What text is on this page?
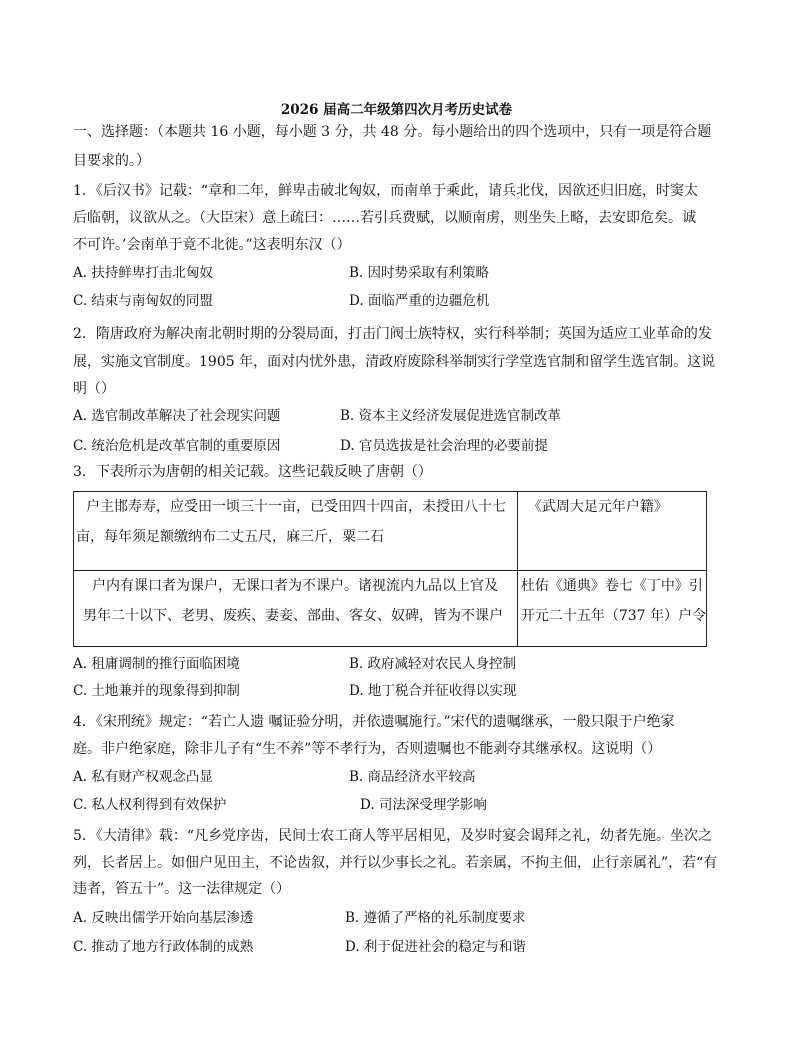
2026 届高二年级第四次月考历史试卷
一、选择题：（本题共 16 小题，每小题 3 分，共 48 分。每小题给出的四个选项中，只有一项是符合题
目要求的。）
1．《后汉书》记载：“章和二年，鲜卑击破北匈奴，而南单于乘此，请兵北伐，因欲还归旧庭，时窦太
后临朝，议欲从之。（大臣宋）意上疏曰：……若引兵费赋，以顺南虏，则坐失上略，去安即危矣。诚
不可许。’会南单于竟不北徙。”这表明东汉（）
A. 扶持鲜卑打击北匈奴	B. 因时势采取有利策略
C. 结束与南匈奴的同盟	D. 面临严重的边疆危机
2．隋唐政府为解决南北朝时期的分裂局面，打击门阀士族特权，实行科举制；英国为适应工业革命的发
展，实施文官制度。1905 年，面对内忧外患，清政府废除科举制实行学堂选官制和留学生选官制。这说
明（）
A. 选官制改革解决了社会现实问题	B. 资本主义经济发展促进选官制改革
C. 统治危机是改革官制的重要原因	D. 官员选拔是社会治理的必要前提
3．下表所示为唐朝的相关记载。这些记载反映了唐朝（）
户主邯寿寿，应受田一顷三十一亩，已受田四十四亩，未授田八十七
亩，每年须足额缴纳布二丈五尺，麻三斤，粟二石	《武周大足元年户籍》

户内有课口者为课户，无课口者为不课户。诸视流内九品以上官及
男年二十以下、老男、废疾、妻妾、部曲、客女、奴碑，皆为不课户	杜佑《通典》卷七《丁中》引
开元二十五年（737 年）户令
A. 租庸调制的推行面临困境	B. 政府减轻对农民人身控制
C. 土地兼并的现象得到抑制	D. 地丁税合并征收得以实现
4．《宋刑统》规定：“若亡人遗 嘱证验分明，并依遗嘱施行。”宋代的遗嘱继承，一般只限于户绝家
庭。非户绝家庭，除非儿子有“生不养”等不孝行为，否则遗嘱也不能剥夺其继承权。这说明（）
A. 私有财产权观念凸显	B. 商品经济水平较高
C. 私人权利得到有效保护	D. 司法深受理学影响
5．《大清律》载：“凡乡党序齿，民间士农工商人等平居相见，及岁时宴会谒拜之礼，幼者先施。坐次之
列，长者居上。如佃户见田主，不论齿叙，并行以少事长之礼。若亲属，不拘主佃，止行亲属礼”，若“有
违者，笞五十”。这一法律规定（）
A. 反映出儒学开始向基层渗透	B. 遵循了严格的礼乐制度要求
C. 推动了地方行政体制的成熟	D. 利于促进社会的稳定与和谐
